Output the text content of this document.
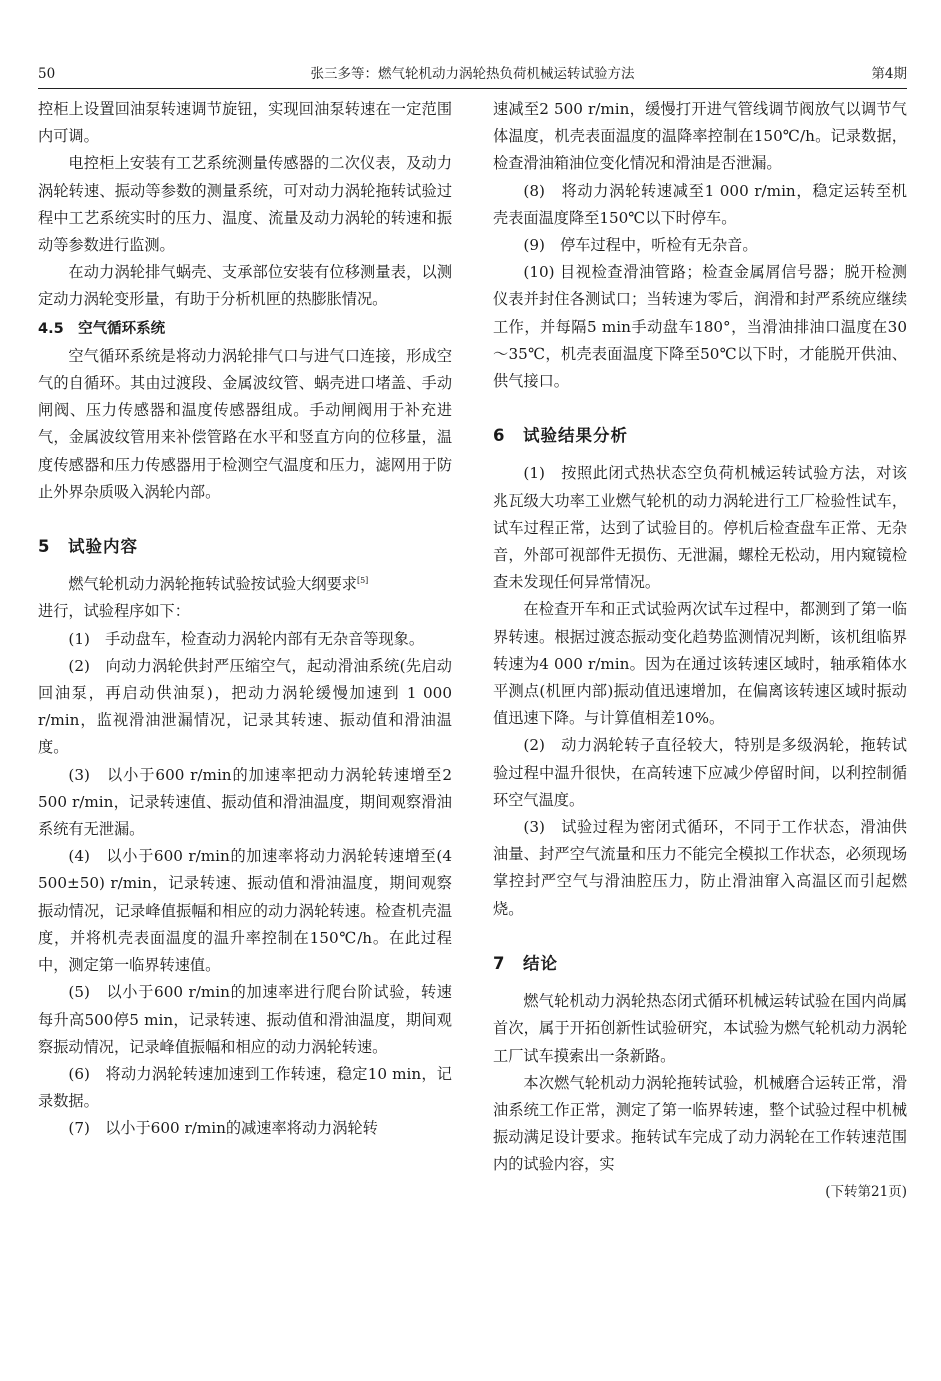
50	张三多等：燃气轮机动力涡轮热负荷机械运转试验方法	第4期

控柜上设置回油泵转速调节旋钮，实现回油泵转速在一定范围内可调。

电控柜上安装有工艺系统测量传感器的二次仪表，及动力涡轮转速、振动等参数的测量系统，可对动力涡轮拖转试验过程中工艺系统实时的压力、温度、流量及动力涡轮的转速和振动等参数进行监测。

在动力涡轮排气蜗壳、支承部位安装有位移测量表，以测定动力涡轮变形量，有助于分析机匣的热膨胀情况。

4.5　空气循环系统

空气循环系统是将动力涡轮排气口与进气口连接，形成空气的自循环。其由过渡段、金属波纹管、蜗壳进口堵盖、手动闸阀、压力传感器和温度传感器组成。手动闸阀用于补充进气，金属波纹管用来补偿管路在水平和竖直方向的位移量，温度传感器和压力传感器用于检测空气温度和压力，滤网用于防止外界杂质吸入涡轮内部。

5　试验内容

燃气轮机动力涡轮拖转试验按试验大纲要求[5]
进行，试验程序如下：

(1)　手动盘车，检查动力涡轮内部有无杂音等现象。

(2)　向动力涡轮供封严压缩空气，起动滑油系统(先启动回油泵，再启动供油泵)，把动力涡轮缓慢加速到 1 000 r/min，监视滑油泄漏情况，记录其转速、振动值和滑油温度。

(3)　以小于600 r/min的加速率把动力涡轮转速增至2 500 r/min，记录转速值、振动值和滑油温度，期间观察滑油系统有无泄漏。

(4)　以小于600 r/min的加速率将动力涡轮转速增至(4 500±50) r/min，记录转速、振动值和滑油温度，期间观察振动情况，记录峰值振幅和相应的动力涡轮转速。检查机壳温度，并将机壳表面温度的温升率控制在150℃/h。在此过程中，测定第一临界转速值。

(5)　以小于600 r/min的加速率进行爬台阶试验，转速每升高500停5 min，记录转速、振动值和滑油温度，期间观察振动情况，记录峰值振幅和相应的动力涡轮转速。

(6)　将动力涡轮转速加速到工作转速，稳定10 min，记录数据。

(7)　以小于600 r/min的减速率将动力涡轮转

速减至2 500 r/min，缓慢打开进气管线调节阀放气以调节气体温度，机壳表面温度的温降率控制在150℃/h。记录数据，检查滑油箱油位变化情况和滑油是否泄漏。

(8)　将动力涡轮转速减至1 000 r/min，稳定运转至机壳表面温度降至150℃以下时停车。

(9)　停车过程中，听检有无杂音。

(10) 目视检查滑油管路；检查金属屑信号器；脱开检测仪表并封住各测试口；当转速为零后，润滑和封严系统应继续工作，并每隔5 min手动盘车180°，当滑油排油口温度在30～35℃，机壳表面温度下降至50℃以下时，才能脱开供油、供气接口。

6　试验结果分析

(1)　按照此闭式热状态空负荷机械运转试验方法，对该兆瓦级大功率工业燃气轮机的动力涡轮进行工厂检验性试车，试车过程正常，达到了试验目的。停机后检查盘车正常、无杂音，外部可视部件无损伤、无泄漏，螺栓无松动，用内窥镜检查未发现任何异常情况。

在检查开车和正式试验两次试车过程中，都测到了第一临界转速。根据过渡态振动变化趋势监测情况判断，该机组临界转速为4 000 r/min。因为在通过该转速区域时，轴承箱体水平测点(机匣内部)振动值迅速增加，在偏离该转速区域时振动值迅速下降。与计算值相差10%。

(2)　动力涡轮转子直径较大，特别是多级涡轮，拖转试验过程中温升很快，在高转速下应减少停留时间，以利控制循环空气温度。

(3)　试验过程为密闭式循环，不同于工作状态，滑油供油量、封严空气流量和压力不能完全模拟工作状态，必须现场掌控封严空气与滑油腔压力，防止滑油窜入高温区而引起燃烧。

7　结论

燃气轮机动力涡轮热态闭式循环机械运转试验在国内尚属首次，属于开拓创新性试验研究，本试验为燃气轮机动力涡轮工厂试车摸索出一条新路。

本次燃气轮机动力涡轮拖转试验，机械磨合运转正常，滑油系统工作正常，测定了第一临界转速，整个试验过程中机械振动满足设计要求。拖转试车完成了动力涡轮在工作转速范围内的试验内容，实

(下转第21页)
